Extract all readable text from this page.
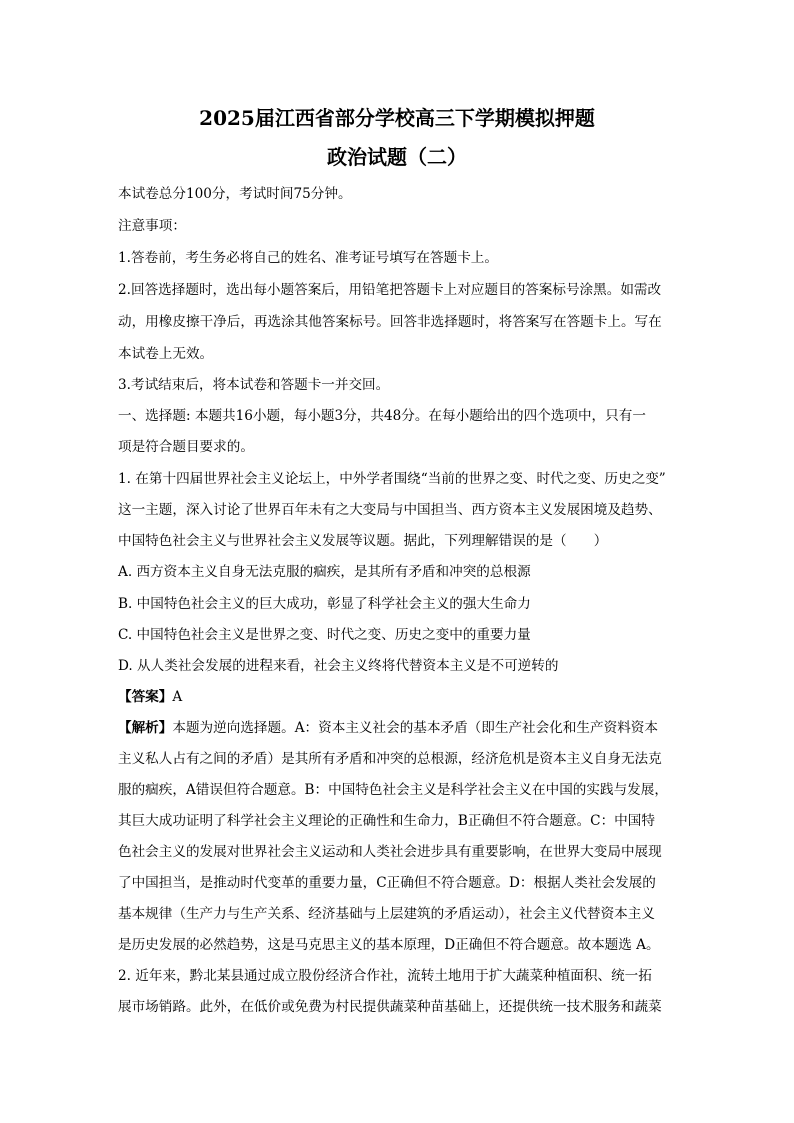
2025届江西省部分学校高三下学期模拟押题
政治试题（二）
本试卷总分100分，考试时间75分钟。
注意事项：
1.答卷前，考生务必将自己的姓名、准考证号填写在答题卡上。
2.回答选择题时，选出每小题答案后，用铅笔把答题卡上对应题目的答案标号涂黑。如需改
动，用橡皮擦干净后，再选涂其他答案标号。回答非选择题时，将答案写在答题卡上。写在
本试卷上无效。
3.考试结束后，将本试卷和答题卡一并交回。
一、选择题: 本题共16小题，每小题3分，共48分。在每小题给出的四个选项中，只有一
项是符合题目要求的。
1. 在第十四届世界社会主义论坛上，中外学者围绕“当前的世界之变、时代之变、历史之变”
这一主题，深入讨论了世界百年未有之大变局与中国担当、西方资本主义发展困境及趋势、
中国特色社会主义与世界社会主义发展等议题。据此，下列理解错误的是（　　）
A. 西方资本主义自身无法克服的痼疾，是其所有矛盾和冲突的总根源
B. 中国特色社会主义的巨大成功，彰显了科学社会主义的强大生命力
C. 中国特色社会主义是世界之变、时代之变、历史之变中的重要力量
D. 从人类社会发展的进程来看，社会主义终将代替资本主义是不可逆转的
【答案】A
【解析】本题为逆向选择题。A：资本主义社会的基本矛盾（即生产社会化和生产资料资本
主义私人占有之间的矛盾）是其所有矛盾和冲突的总根源，经济危机是资本主义自身无法克
服的痼疾，A错误但符合题意。B：中国特色社会主义是科学社会主义在中国的实践与发展，
其巨大成功证明了科学社会主义理论的正确性和生命力，B正确但不符合题意。C：中国特
色社会主义的发展对世界社会主义运动和人类社会进步具有重要影响，在世界大变局中展现
了中国担当，是推动时代变革的重要力量，C正确但不符合题意。D：根据人类社会发展的
基本规律（生产力与生产关系、经济基础与上层建筑的矛盾运动），社会主义代替资本主义
是历史发展的必然趋势，这是马克思主义的基本原理，D正确但不符合题意。故本题选 A。
2. 近年来，黔北某县通过成立股份经济合作社，流转土地用于扩大蔬菜种植面积、统一拓
展市场销路。此外，在低价或免费为村民提供蔬菜种苗基础上，还提供统一技术服务和蔬菜
